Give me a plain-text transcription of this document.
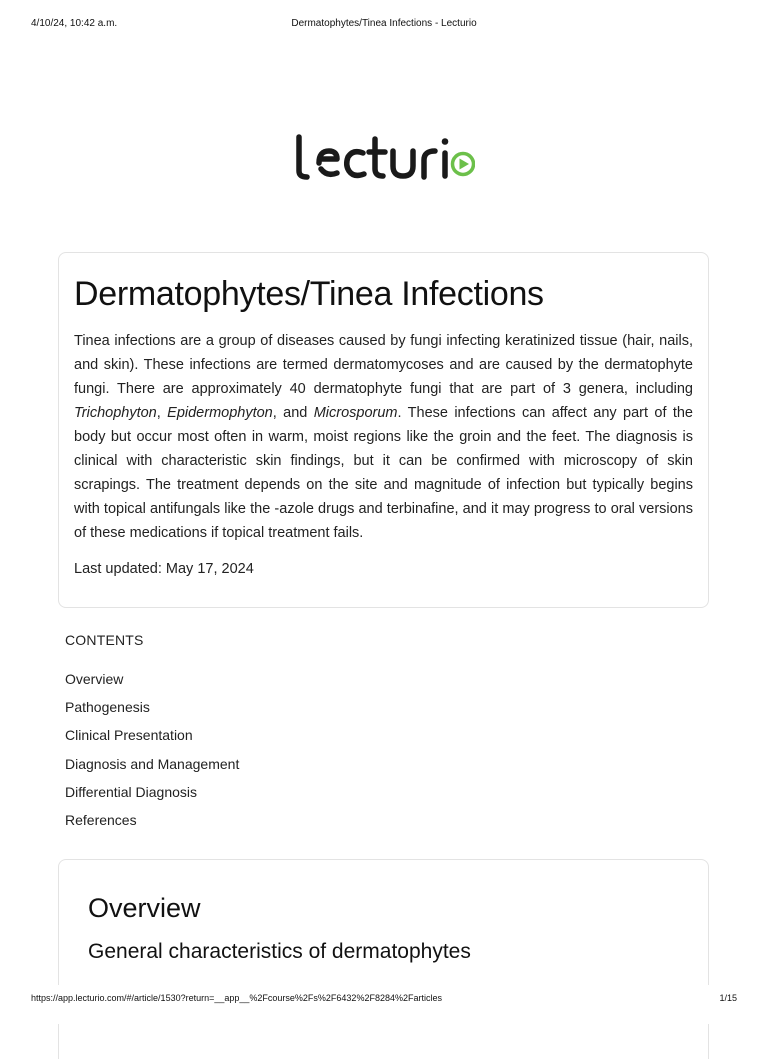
4/10/24, 10:42 a.m.	Dermatophytes/Tinea Infections - Lecturio
Dermatophytes/Tinea Infections

Tinea infections are a group of diseases caused by fungi infecting keratinized tissue (hair, nails, and skin). These infections are termed dermatomycoses and are caused by the dermatophyte fungi. There are approximately 40 dermatophyte fungi that are part of 3 genera, including Trichophyton, Epidermophyton, and Microsporum. These infections can affect any part of the body but occur most often in warm, moist regions like the groin and the feet. The diagnosis is clinical with characteristic skin findings, but it can be confirmed with microscopy of skin scrapings. The treatment depends on the site and magnitude of infection but typically begins with topical antifungals like the -azole drugs and terbinafine, and it may progress to oral versions of these medications if topical treatment fails.

Last updated: May 17, 2024

CONTENTS
Overview
Pathogenesis
Clinical Presentation
Diagnosis and Management
Differential Diagnosis
References
Overview
General characteristics of dermatophytes
https://app.lecturio.com/#/article/1530?return=__app__%2Fcourse%2Fs%2F6432%2F8284%2Farticles	1/15
